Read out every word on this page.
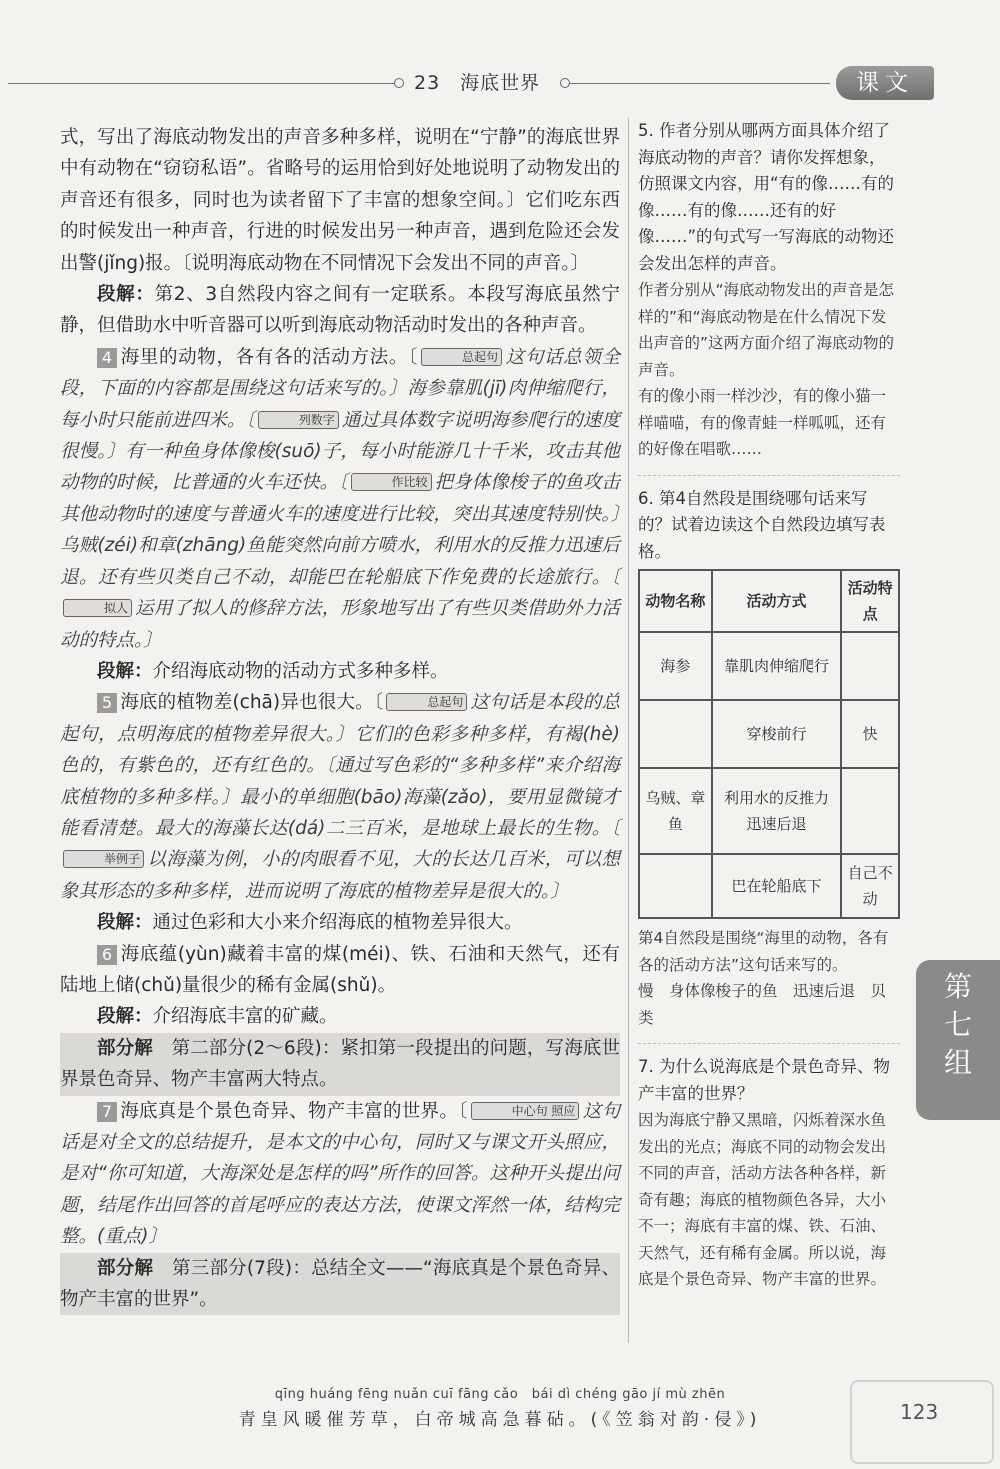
23　海底世界	课文

式，写出了海底动物发出的声音多种多样，说明在“宁静”的海底世界中有动物在“窃窃私语”。省略号的运用恰到好处地说明了动物发出的声音还有很多，同时也为读者留下了丰富的想象空间。〕它们吃东西的时候发出一种声音，行进的时候发出另一种声音，遇到危险还会发出警(jǐng)报。〔说明海底动物在不同情况下会发出不同的声音。〕

段解：第2、3自然段内容之间有一定联系。本段写海底虽然宁静，但借助水中听音器可以听到海底动物活动时发出的各种声音。

4 海里的动物，各有各的活动方法。〔	总起句 这句话总领全段，下面的内容都是围绕这句话来写的。〕海参靠肌(jī)肉伸缩爬行，每小时只能前进四米。〔	列数字 通过具体数字说明海参爬行的速度很慢。〕有一种鱼身体像梭(suō)子，每小时能游几十千米，攻击其他动物的时候，比普通的火车还快。〔	作比较 把身体像梭子的鱼攻击其他动物时的速度与普通火车的速度进行比较，突出其速度特别快。〕乌贼(zéi)和章(zhāng)鱼能突然向前方喷水，利用水的反推力迅速后退。还有些贝类自己不动，却能巴在轮船底下作免费的长途旅行。〔拟人 运用了拟人的修辞方法，形象地写出了有些贝类借助外力活动的特点。〕

段解：介绍海底动物的活动方式多种多样。

5 海底的植物差(chā)异也很大。〔	总起句 这句话是本段的总起句，点明海底的植物差异很大。〕它们的色彩多种多样，有褐(hè)色的，有紫色的，还有红色的。〔通过写色彩的“多种多样”来介绍海底植物的多种多样。〕最小的单细胞(bāo)海藻(zǎo)，要用显微镜才能看清楚。最大的海藻长达(dá)二三百米，是地球上最长的生物。〔举例子 以海藻为例，小的肉眼看不见，大的长达几百米，可以想象其形态的多种多样，进而说明了海底的植物差异是很大的。〕

段解：通过色彩和大小来介绍海底的植物差异很大。

6 海底蕴(yùn)藏着丰富的煤(méi)、铁、石油和天然气，还有陆地上储(chǔ)量很少的稀有金属(shǔ)。

段解：介绍海底丰富的矿藏。

部分解　 第二部分(2～6段)：紧扣第一段提出的问题，写海底世界景色奇异、物产丰富两大特点。

7 海底真是个景色奇异、物产丰富的世界。〔	中心句 照应 这句话是对全文的总结提升，是本文的中心句，同时又与课文开头照应，是对“你可知道，大海深处是怎样的吗”所作的回答。这种开头提出问题，结尾作出回答的首尾呼应的表达方法，使课文浑然一体，结构完整。(重点)〕

部分解　 第三部分(7段)：总结全文——“海底真是个景色奇异、物产丰富的世界”。

5. 作者分别从哪两方面具体介绍了海底动物的声音？请你发挥想象，仿照课文内容，用“有的像……有的像……有的像……还有的好像……”的句式写一写海底的动物还会发出怎样的声音。

作者分别从“海底动物发出的声音是怎样的”和“海底动物是在什么情况下发出声音的”这两方面介绍了海底动物的声音。

有的像小雨一样沙沙，有的像小猫一样喵喵，有的像青蛙一样呱呱，还有的好像在唱歌……

6. 第4自然段是围绕哪句话来写的？试着边读这个自然段边填写表格。

动物名称	活动方式	活动特点
海参	靠肌肉伸缩爬行	
	穿梭前行	快
乌贼、章鱼	利用水的反推力迅速后退	
	巴在轮船底下	自己不动

第4自然段是围绕“海里的动物，各有各的活动方法”这句话来写的。

慢　身体像梭子的鱼　迅速后退　贝类

7. 为什么说海底是个景色奇异、物产丰富的世界？

因为海底宁静又黑暗，闪烁着深水鱼发出的光点；海底不同的动物会发出不同的声音，活动方法各种各样，新奇有趣；海底的植物颜色各异，大小不一；海底有丰富的煤、铁、石油、天然气，还有稀有金属。所以说，海底是个景色奇异、物产丰富的世界。

第
七
组
qīng huáng fēng nuǎn cuī fāng cǎo　bái dì chéng gāo jí mù zhēn
青皇风暖催芳草，白帝城高急暮砧。(《笠翁对韵·侵》)	123
